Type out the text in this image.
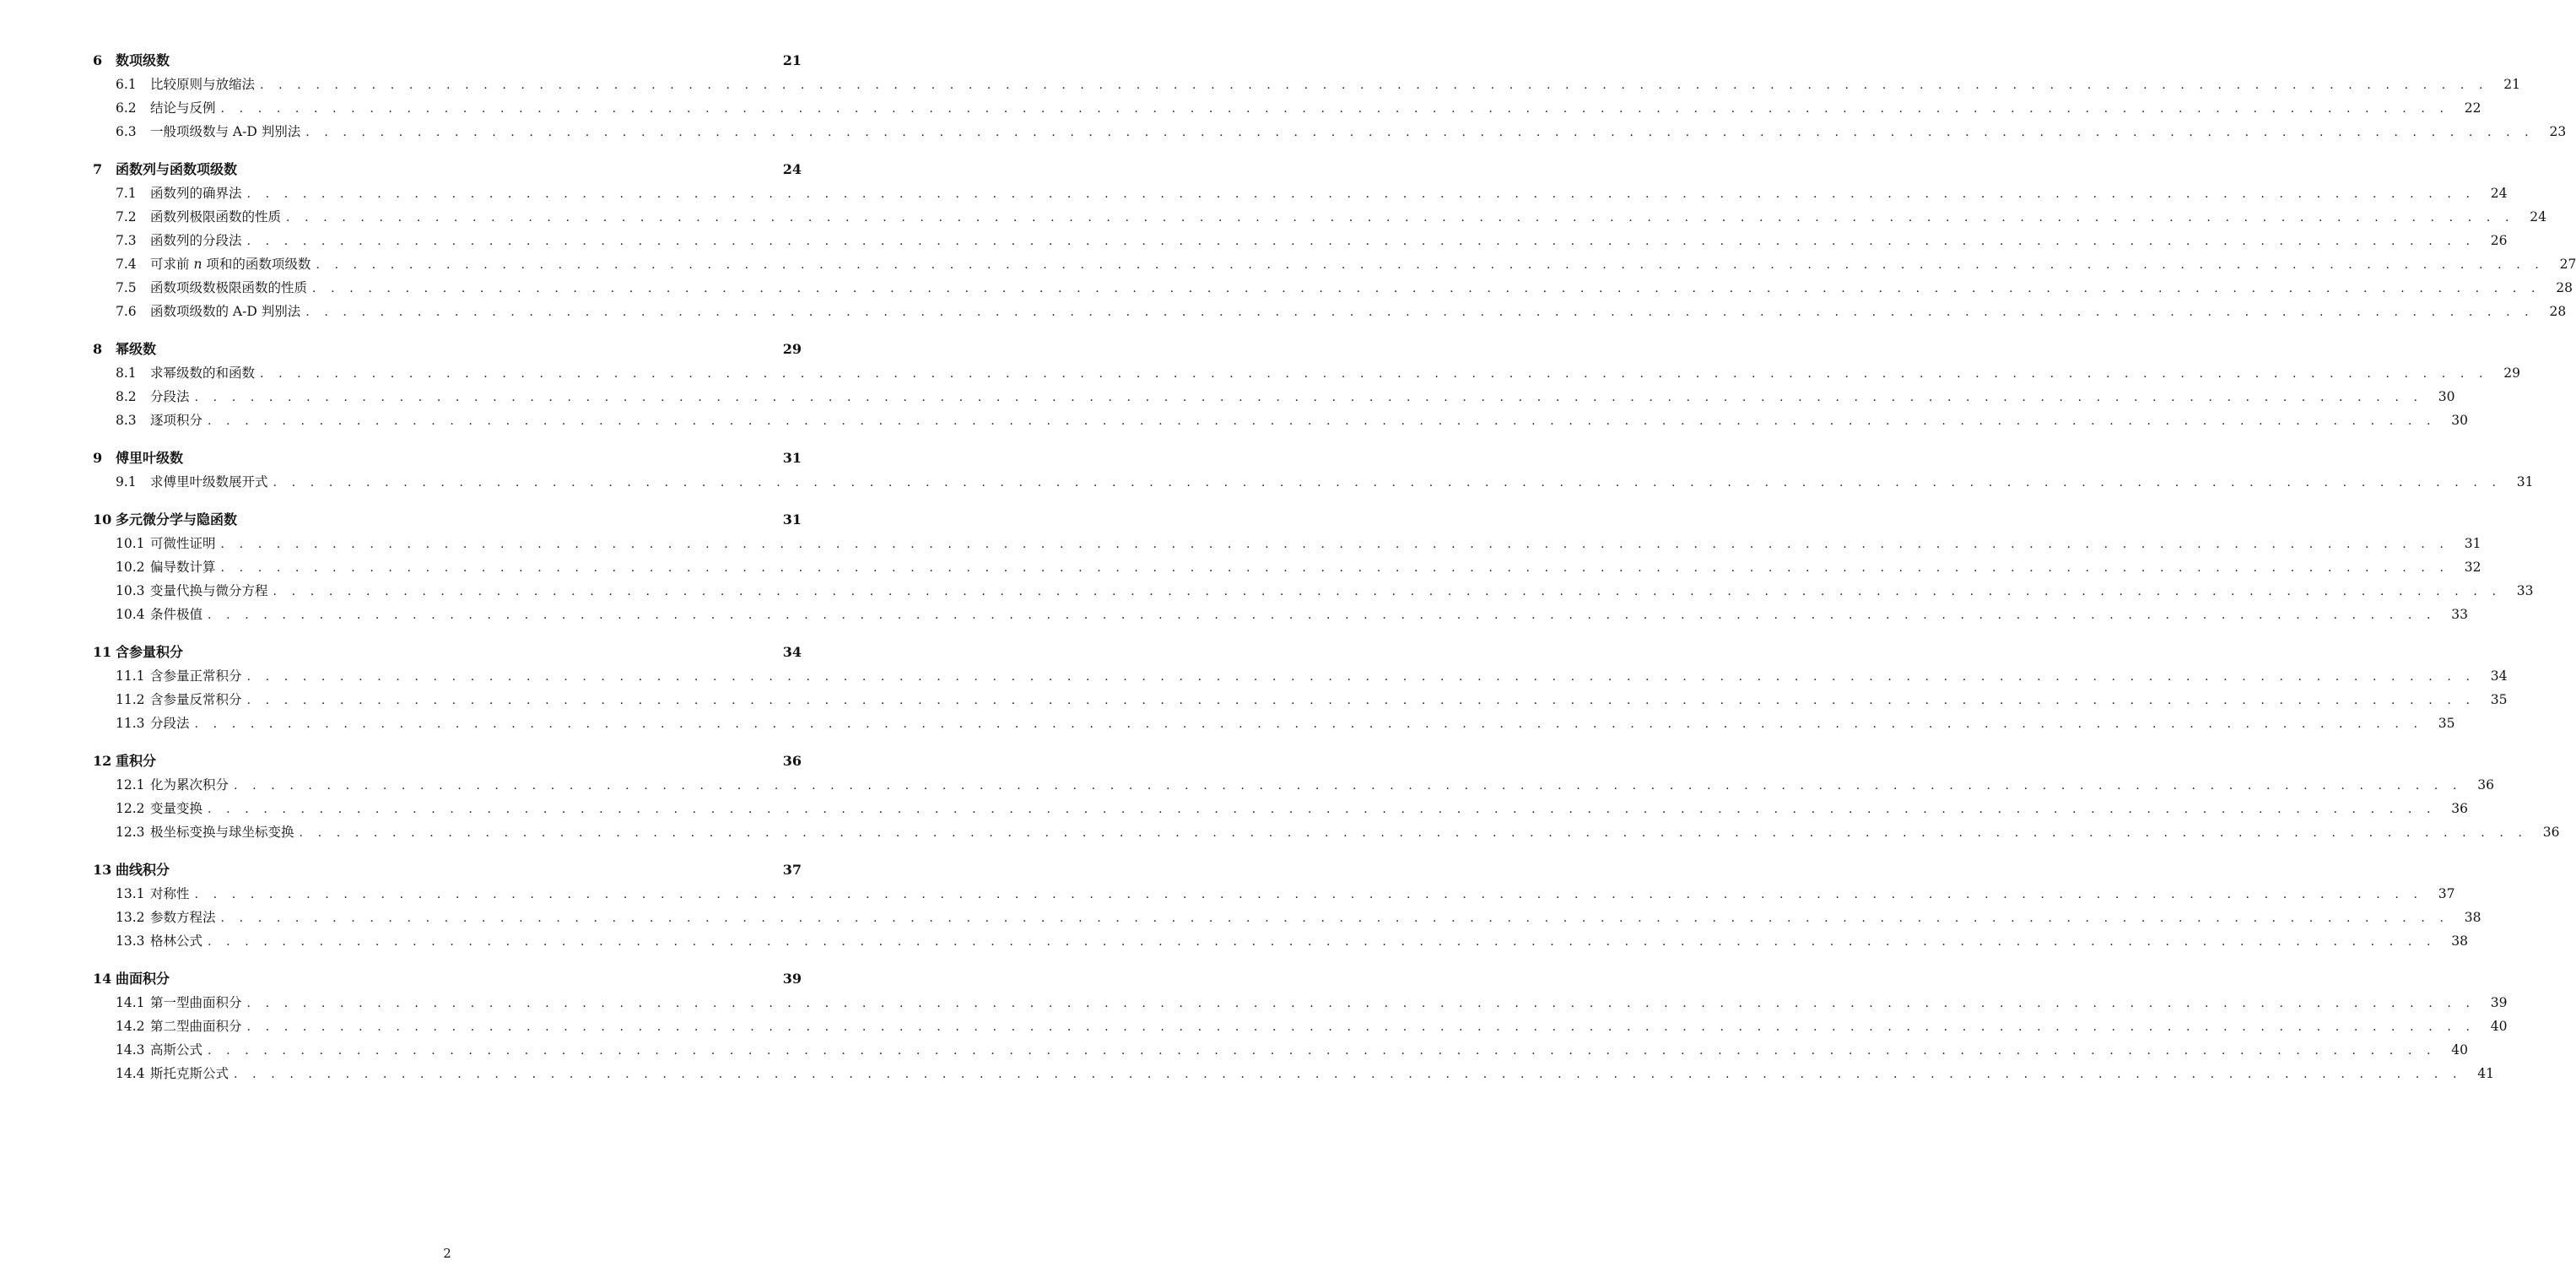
6 数项级数	21
6.1	比较原则与放缩法 . . . . . . . . . . . . . . . . . . . . . . . . . . . . . . . . . . . . . . . . . . . . . . . . . . . . . . . . . . . . . . . . . . . . . . . . . . . . . . . . . . . . . . . . . . . . . . . . . . . . . . . . . . . . . . . . . . . . . . . .	21
6.2	结论与反例 . . . . . . . . . . . . . . . . . . . . . . . . . . . . . . . . . . . . . . . . . . . . . . . . . . . . . . . . . . . . . . . . . . . . . . . . . . . . . . . . . . . . . . . . . . . . . . . . . . . . . . . . . . . . . . . . . . . . . . . .	22
6.3	一般项级数与 A-D 判别法 . . . . . . . . . . . . . . . . . . . . . . . . . . . . . . . . . . . . . . . . . . . . . . . . . . . . . . . . . . . . . . . . . . . . . . . . . . . . . . . . . . . . . . . . . . . . . . . . . . . . . . . . . . . . . . . . . . . . . . . .	23
7 函数列与函数项级数	24
7.1	函数列的确界法 . . . . . . . . . . . . . . . . . . . . . . . . . . . . . . . . . . . . . . . . . . . . . . . . . . . . . . . . . . . . . . . . . . . . . . . . . . . . . . . . . . . . . . . . . . . . . . . . . . . . . . . . . . . . . . . . . . . . . . . .	24
7.2	函数列极限函数的性质 . . . . . . . . . . . . . . . . . . . . . . . . . . . . . . . . . . . . . . . . . . . . . . . . . . . . . . . . . . . . . . . . . . . . . . . . . . . . . . . . . . . . . . . . . . . . . . . . . . . . . . . . . . . . . . . . . . . . . . . .	24
7.3	函数列的分段法 . . . . . . . . . . . . . . . . . . . . . . . . . . . . . . . . . . . . . . . . . . . . . . . . . . . . . . . . . . . . . . . . . . . . . . . . . . . . . . . . . . . . . . . . . . . . . . . . . . . . . . . . . . . . . . . . . . . . . . . .	26
7.4	可求前 n 项和的函数项级数 . . . . . . . . . . . . . . . . . . . . . . . . . . . . . . . . . . . . . . . . . . . . . . . . . . . . . . . . . . . . . . . . . . . . . . . . . . . . . . . . . . . . . . . . . . . . . . . . . . . . . . . . . . . . . . . . . . . . . . . .	27
7.5	函数项级数极限函数的性质 . . . . . . . . . . . . . . . . . . . . . . . . . . . . . . . . . . . . . . . . . . . . . . . . . . . . . . . . . . . . . . . . . . . . . . . . . . . . . . . . . . . . . . . . . . . . . . . . . . . . . . . . . . . . . . . . . . . . . . . .	28
7.6	函数项级数的 A-D 判别法 . . . . . . . . . . . . . . . . . . . . . . . . . . . . . . . . . . . . . . . . . . . . . . . . . . . . . . . . . . . . . . . . . . . . . . . . . . . . . . . . . . . . . . . . . . . . . . . . . . . . . . . . . . . . . . . . . . . . . . . .	28
8 幂级数	29
8.1	求幂级数的和函数 . . . . . . . . . . . . . . . . . . . . . . . . . . . . . . . . . . . . . . . . . . . . . . . . . . . . . . . . . . . . . . . . . . . . . . . . . . . . . . . . . . . . . . . . . . . . . . . . . . . . . . . . . . . . . . . . . . . . . . . .	29
8.2	分段法 . . . . . . . . . . . . . . . . . . . . . . . . . . . . . . . . . . . . . . . . . . . . . . . . . . . . . . . . . . . . . . . . . . . . . . . . . . . . . . . . . . . . . . . . . . . . . . . . . . . . . . . . . . . . . . . . . . . . . . . .	30
8.3	逐项积分 . . . . . . . . . . . . . . . . . . . . . . . . . . . . . . . . . . . . . . . . . . . . . . . . . . . . . . . . . . . . . . . . . . . . . . . . . . . . . . . . . . . . . . . . . . . . . . . . . . . . . . . . . . . . . . . . . . . . . . . .	30
9 傅里叶级数	31
9.1	求傅里叶级数展开式 . . . . . . . . . . . . . . . . . . . . . . . . . . . . . . . . . . . . . . . . . . . . . . . . . . . . . . . . . . . . . . . . . . . . . . . . . . . . . . . . . . . . . . . . . . . . . . . . . . . . . . . . . . . . . . . . . . . . . . . .	31
10 多元微分学与隐函数	31
10.1 可微性证明 . . . . . . . . . . . . . . . . . . . . . . . . . . . . . . . . . . . . . . . . . . . . . . . . . . . . . . . . . . . . . . . . . . . . . . . . . . . . . . . . . . . . . . . . . . . . . . . . . . . . . . . . . . . . . . . . . . . . . . . .	31
10.2 偏导数计算 . . . . . . . . . . . . . . . . . . . . . . . . . . . . . . . . . . . . . . . . . . . . . . . . . . . . . . . . . . . . . . . . . . . . . . . . . . . . . . . . . . . . . . . . . . . . . . . . . . . . . . . . . . . . . . . . . . . . . . . .	32
10.3 变量代换与微分方程 . . . . . . . . . . . . . . . . . . . . . . . . . . . . . . . . . . . . . . . . . . . . . . . . . . . . . . . . . . . . . . . . . . . . . . . . . . . . . . . . . . . . . . . . . . . . . . . . . . . . . . . . . . . . . . . . . . . . . . . .	33
10.4 条件极值 . . . . . . . . . . . . . . . . . . . . . . . . . . . . . . . . . . . . . . . . . . . . . . . . . . . . . . . . . . . . . . . . . . . . . . . . . . . . . . . . . . . . . . . . . . . . . . . . . . . . . . . . . . . . . . . . . . . . . . . .	33
11 含参量积分	34
11.1 含参量正常积分 . . . . . . . . . . . . . . . . . . . . . . . . . . . . . . . . . . . . . . . . . . . . . . . . . . . . . . . . . . . . . . . . . . . . . . . . . . . . . . . . . . . . . . . . . . . . . . . . . . . . . . . . . . . . . . . . . . . . . . . .	34
11.2 含参量反常积分 . . . . . . . . . . . . . . . . . . . . . . . . . . . . . . . . . . . . . . . . . . . . . . . . . . . . . . . . . . . . . . . . . . . . . . . . . . . . . . . . . . . . . . . . . . . . . . . . . . . . . . . . . . . . . . . . . . . . . . . .	35
11.3 分段法 . . . . . . . . . . . . . . . . . . . . . . . . . . . . . . . . . . . . . . . . . . . . . . . . . . . . . . . . . . . . . . . . . . . . . . . . . . . . . . . . . . . . . . . . . . . . . . . . . . . . . . . . . . . . . . . . . . . . . . . .	35
12 重积分	36
12.1 化为累次积分 . . . . . . . . . . . . . . . . . . . . . . . . . . . . . . . . . . . . . . . . . . . . . . . . . . . . . . . . . . . . . . . . . . . . . . . . . . . . . . . . . . . . . . . . . . . . . . . . . . . . . . . . . . . . . . . . . . . . . . . .	36
12.2 变量变换 . . . . . . . . . . . . . . . . . . . . . . . . . . . . . . . . . . . . . . . . . . . . . . . . . . . . . . . . . . . . . . . . . . . . . . . . . . . . . . . . . . . . . . . . . . . . . . . . . . . . . . . . . . . . . . . . . . . . . . . .	36
12.3 极坐标变换与球坐标变换 . . . . . . . . . . . . . . . . . . . . . . . . . . . . . . . . . . . . . . . . . . . . . . . . . . . . . . . . . . . . . . . . . . . . . . . . . . . . . . . . . . . . . . . . . . . . . . . . . . . . . . . . . . . . . . . . . . . . . . . .	36
13 曲线积分	37
13.1 对称性 . . . . . . . . . . . . . . . . . . . . . . . . . . . . . . . . . . . . . . . . . . . . . . . . . . . . . . . . . . . . . . . . . . . . . . . . . . . . . . . . . . . . . . . . . . . . . . . . . . . . . . . . . . . . . . . . . . . . . . . .	37
13.2 参数方程法 . . . . . . . . . . . . . . . . . . . . . . . . . . . . . . . . . . . . . . . . . . . . . . . . . . . . . . . . . . . . . . . . . . . . . . . . . . . . . . . . . . . . . . . . . . . . . . . . . . . . . . . . . . . . . . . . . . . . . . . .	38
13.3 格林公式 . . . . . . . . . . . . . . . . . . . . . . . . . . . . . . . . . . . . . . . . . . . . . . . . . . . . . . . . . . . . . . . . . . . . . . . . . . . . . . . . . . . . . . . . . . . . . . . . . . . . . . . . . . . . . . . . . . . . . . . .	38
14 曲面积分	39
14.1 第一型曲面积分 . . . . . . . . . . . . . . . . . . . . . . . . . . . . . . . . . . . . . . . . . . . . . . . . . . . . . . . . . . . . . . . . . . . . . . . . . . . . . . . . . . . . . . . . . . . . . . . . . . . . . . . . . . . . . . . . . . . . . . . .	39
14.2 第二型曲面积分 . . . . . . . . . . . . . . . . . . . . . . . . . . . . . . . . . . . . . . . . . . . . . . . . . . . . . . . . . . . . . . . . . . . . . . . . . . . . . . . . . . . . . . . . . . . . . . . . . . . . . . . . . . . . . . . . . . . . . . . .	40
14.3 高斯公式 . . . . . . . . . . . . . . . . . . . . . . . . . . . . . . . . . . . . . . . . . . . . . . . . . . . . . . . . . . . . . . . . . . . . . . . . . . . . . . . . . . . . . . . . . . . . . . . . . . . . . . . . . . . . . . . . . . . . . . . .	40
14.4 斯托克斯公式 . . . . . . . . . . . . . . . . . . . . . . . . . . . . . . . . . . . . . . . . . . . . . . . . . . . . . . . . . . . . . . . . . . . . . . . . . . . . . . . . . . . . . . . . . . . . . . . . . . . . . . . . . . . . . . . . . . . . . . . .	41
2
